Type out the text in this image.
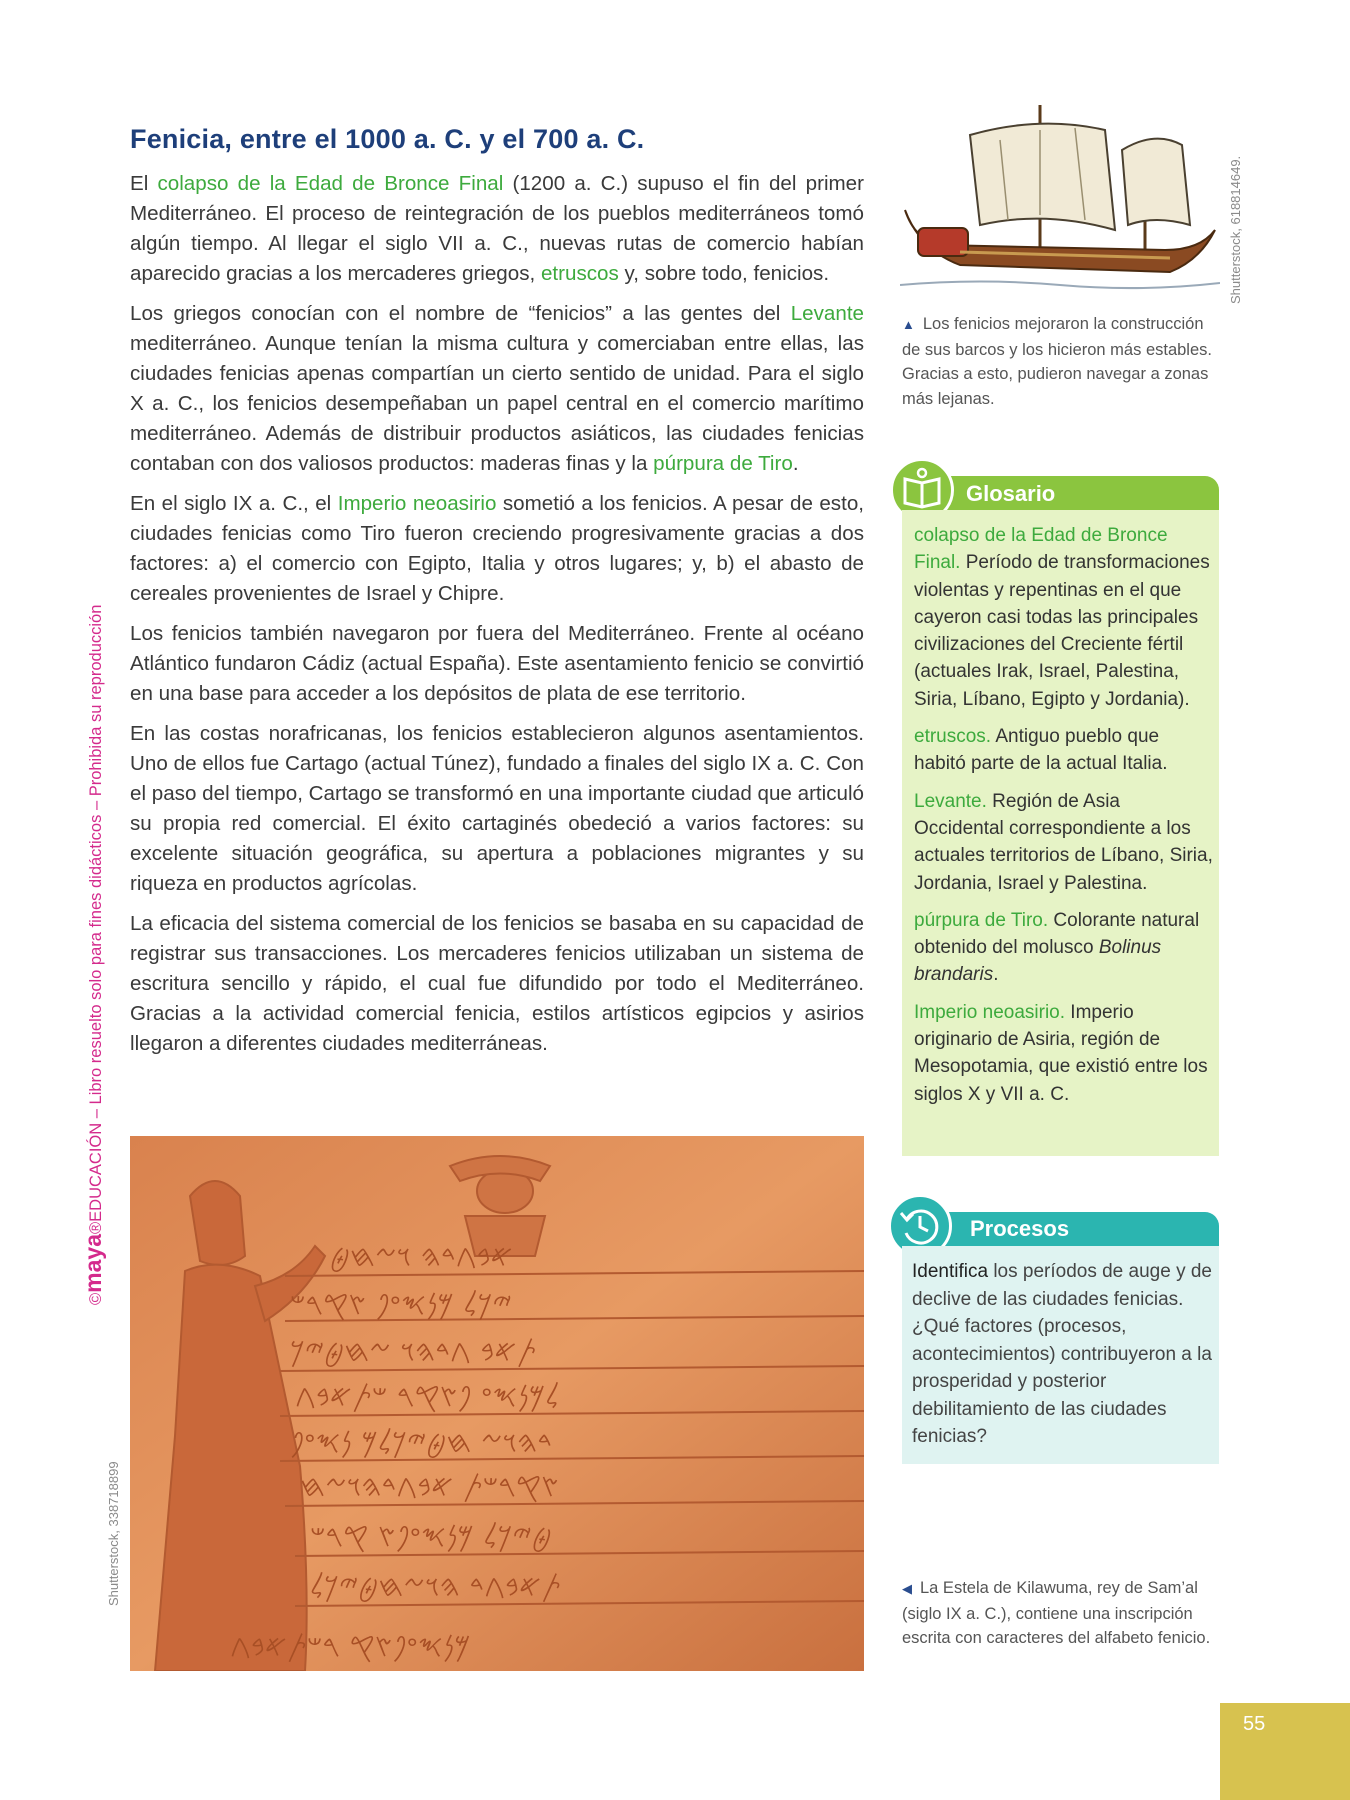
Fenicia, entre el 1000 a. C. y el 700 a. C.

El colapso de la Edad de Bronce Final (1200 a. C.) supuso el fin del primer Mediterráneo. El proceso de reintegración de los pueblos mediterráneos tomó algún tiempo. Al llegar el siglo VII a. C., nuevas rutas de comercio habían aparecido gracias a los mercaderes griegos, etruscos y, sobre todo, fenicios.

Los griegos conocían con el nombre de “fenicios” a las gentes del Levante mediterráneo. Aunque tenían la misma cultura y comerciaban entre ellas, las ciudades fenicias apenas compartían un cierto sentido de unidad. Para el siglo X a. C., los fenicios desempeñaban un papel central en el comercio marítimo mediterráneo. Además de distribuir productos asiáticos, las ciudades fenicias contaban con dos valiosos productos: maderas finas y la púrpura de Tiro.

En el siglo IX a. C., el Imperio neoasirio sometió a los fenicios. A pesar de esto, ciudades fenicias como Tiro fueron creciendo progresivamente gracias a dos factores: a) el comercio con Egipto, Italia y otros lugares; y, b) el abasto de cereales provenientes de Israel y Chipre.

Los fenicios también navegaron por fuera del Mediterráneo. Frente al océano Atlántico fundaron Cádiz (actual España). Este asentamiento fenicio se convirtió en una base para acceder a los depósitos de plata de ese territorio.

En las costas norafricanas, los fenicios establecieron algunos asentamientos. Uno de ellos fue Cartago (actual Túnez), fundado a finales del siglo IX a. C. Con el paso del tiempo, Cartago se transformó en una importante ciudad que articuló su propia red comercial. El éxito cartaginés obedeció a varios factores: su excelente situación geográfica, su apertura a poblaciones migrantes y su riqueza en productos agrícolas.

La eficacia del sistema comercial de los fenicios se basaba en su capacidad de registrar sus transacciones. Los mercaderes fenicios utilizaban un sistema de escritura sencillo y rápido, el cual fue difundido por todo el Mediterráneo. Gracias a la actividad comercial fenicia, estilos artísticos egipcios y asirios llegaron a diferentes ciudades mediterráneas.

©maya®EDUCACIÓN – Libro resuelto solo para fines didácticos – Prohibida su reproducción
𐤀𐤁𐤂𐤃𐤄 𐤅𐤆𐤇𐤈
𐤉𐤊𐤋 𐤌𐤍𐤎𐤏𐤐 𐤑𐤒𐤓𐤔
𐤕𐤀𐤁 𐤂𐤃𐤄𐤅 𐤆𐤇𐤈𐤉𐤊
𐤋𐤌𐤍𐤎𐤏 𐤐𐤑𐤒𐤓 𐤔𐤕𐤀𐤁𐤂
𐤃𐤄𐤅𐤆 𐤇𐤈𐤉𐤊𐤋𐤌 𐤍𐤎𐤏𐤐
𐤑𐤒𐤓𐤔𐤕 𐤀𐤁𐤂𐤃𐤄𐤅𐤆𐤇
𐤈𐤉𐤊𐤋 𐤌𐤍𐤎𐤏𐤐𐤑 𐤒𐤓𐤔
𐤕𐤀𐤁𐤂𐤃 𐤄𐤅𐤆𐤇𐤈𐤉𐤊𐤋
𐤌𐤍𐤎𐤏𐤐𐤑𐤒 𐤓𐤔𐤕𐤀𐤁𐤂
Shutterstock, 338718899
Shutterstock, 618814649.
▲ Los fenicios mejoraron la construcción de sus barcos y los hicieron más estables. Gracias a esto, pudieron navegar a zonas más lejanas.
Glosario

colapso de la Edad de Bronce Final. Período de transformaciones violentas y repentinas en el que cayeron casi todas las principales civilizaciones del Creciente fértil (actuales Irak, Israel, Palestina, Siria, Líbano, Egipto y Jordania).

etruscos. Antiguo pueblo que habitó parte de la actual Italia.

Levante. Región de Asia Occidental correspondiente a los actuales territorios de Líbano, Siria, Jordania, Israel y Palestina.

púrpura de Tiro. Colorante natural obtenido del molusco Bolinus brandaris.

Imperio neoasirio. Imperio originario de Asiria, región de Mesopotamia, que existió entre los siglos X y VII a. C.

Procesos
Identifica los períodos de auge y de declive de las ciudades fenicias. ¿Qué factores (procesos, acontecimientos) contribuyeron a la prosperidad y posterior debilitamiento de las ciudades fenicias?
◀ La Estela de Kilawuma, rey de Sam’al (siglo IX a. C.), contiene una inscripción escrita con caracteres del alfabeto fenicio.
55
